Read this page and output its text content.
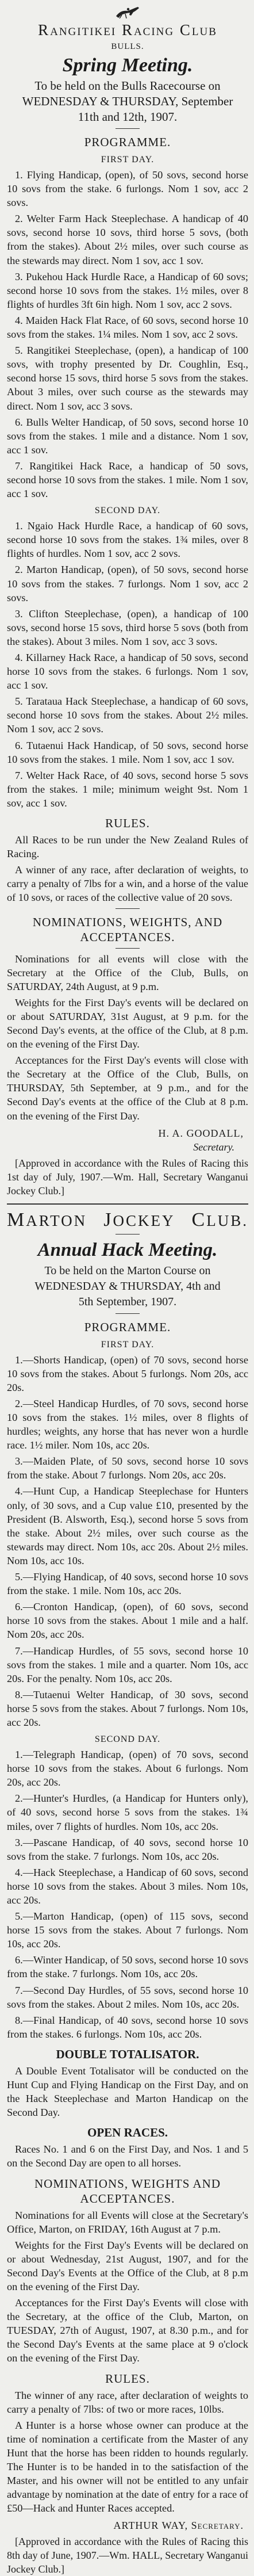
RANGITIKEI RACING CLUB

BULLS.

Spring Meeting.

To be held on the Bulls Racecourse on

WEDNESDAY & THURSDAY, September

11th and 12th, 1907.

PROGRAMME.
FIRST DAY.
1. Flying Handicap, (open), of 50 sovs, second horse 10 sovs from the stake. 6 furlongs. Nom 1 sov, acc 2 sovs.
2. Welter Farm Hack Steeplechase. A handicap of 40 sovs, second horse 10 sovs, third horse 5 sovs, (both from the stakes). About 2½ miles, over such course as the stewards may direct. Nom 1 sov, acc 1 sov.
3. Pukehou Hack Hurdle Race, a Handicap of 60 sovs; second horse 10 sovs from the stakes. 1½ miles, over 8 flights of hurdles 3ft 6in high. Nom 1 sov, acc 2 sovs.
4. Maiden Hack Flat Race, of 60 sovs, second horse 10 sovs from the stakes. 1¼ miles. Nom 1 sov, acc 2 sovs.
5. Rangitikei Steeplechase, (open), a handicap of 100 sovs, with trophy presented by Dr. Coughlin, Esq., second horse 15 sovs, third horse 5 sovs from the stakes. About 3 miles, over such course as the stewards may direct. Nom 1 sov, acc 3 sovs.
6. Bulls Welter Handicap, of 50 sovs, second horse 10 sovs from the stakes. 1 mile and a distance. Nom 1 sov, acc 1 sov.
7. Rangitikei Hack Race, a handicap of 50 sovs, second horse 10 sovs from the stakes. 1 mile. Nom 1 sov, acc 1 sov.
SECOND DAY.
1. Ngaio Hack Hurdle Race, a handicap of 60 sovs, second horse 10 sovs from the stakes. 1¾ miles, over 8 flights of hurdles. Nom 1 sov, acc 2 sovs.
2. Marton Handicap, (open), of 50 sovs, second horse 10 sovs from the stakes. 7 furlongs. Nom 1 sov, acc 2 sovs.
3. Clifton Steeplechase, (open), a handicap of 100 sovs, second horse 15 sovs, third horse 5 sovs (both from the stakes). About 3 miles. Nom 1 sov, acc 3 sovs.
4. Killarney Hack Race, a handicap of 50 sovs, second horse 10 sovs from the stakes. 6 furlongs. Nom 1 sov, acc 1 sov.
5. Tarataua Hack Steeplechase, a handicap of 60 sovs, second horse 10 sovs from the stakes. About 2½ miles. Nom 1 sov, acc 2 sovs.
6. Tutaenui Hack Handicap, of 50 sovs, second horse 10 sovs from the stakes. 1 mile. Nom 1 sov, acc 1 sov.
7. Welter Hack Race, of 40 sovs, second horse 5 sovs from the stakes. 1 mile; minimum weight 9st. Nom 1 sov, acc 1 sov.
RULES.

All Races to be run under the New Zealand Rules of Racing.

A winner of any race, after declaration of weights, to carry a penalty of 7lbs for a win, and a horse of the value of 10 sovs, or races of the collective value of 20 sovs.

NOMINATIONS, WEIGHTS, AND ACCEPTANCES.

Nominations for all events will close with the Secretary at the Office of the Club, Bulls, on SATURDAY, 24th August, at 9 p.m.

Weights for the First Day's events will be declared on or about SATURDAY, 31st August, at 9 p.m. for the Second Day's events, at the office of the Club, at 8 p.m. on the evening of the First Day.

Acceptances for the First Day's events will close with the Secretary at the Office of the Club, Bulls, on THURSDAY, 5th September, at 9 p.m., and for the Second Day's events at the office of the Club at 8 p.m. on the evening of the First Day.

H. A. GOODALL,

Secretary.

[Approved in accordance with the Rules of Racing this 1st day of July, 1907.—Wm. Hall, Secretary Wanganui Jockey Club.]

MARTON JOCKEY CLUB.
Annual Hack Meeting.

To be held on the Marton Course on

WEDNESDAY & THURSDAY, 4th and

5th September, 1907.

PROGRAMME.
FIRST DAY.
1.—Shorts Handicap, (open) of 70 sovs, second horse 10 sovs from the stakes. About 5 furlongs. Nom 20s, acc 20s.
2.—Steel Handicap Hurdles, of 70 sovs, second horse 10 sovs from the stakes. 1½ miles, over 8 flights of hurdles; weights, any horse that has never won a hurdle race. 1½ miler. Nom 10s, acc 20s.
3.—Maiden Plate, of 50 sovs, second horse 10 sovs from the stake. About 7 furlongs. Nom 20s, acc 20s.
4.—Hunt Cup, a Handicap Steeplechase for Hunters only, of 30 sovs, and a Cup value £10, presented by the President (B. Alsworth, Esq.), second horse 5 sovs from the stake. About 2½ miles, over such course as the stewards may direct. Nom 10s, acc 20s. About 2½ miles. Nom 10s, acc 10s.
5.—Flying Handicap, of 40 sovs, second horse 10 sovs from the stake. 1 mile. Nom 10s, acc 20s.
6.—Cronton Handicap, (open), of 60 sovs, second horse 10 sovs from the stakes. About 1 mile and a half. Nom 20s, acc 20s.
7.—Handicap Hurdles, of 55 sovs, second horse 10 sovs from the stakes. 1 mile and a quarter. Nom 10s, acc 20s. For the penalty. Nom 10s, acc 20s.
8.—Tutaenui Welter Handicap, of 30 sovs, second horse 5 sovs from the stakes. About 7 furlongs. Nom 10s, acc 20s.
SECOND DAY.
1.—Telegraph Handicap, (open) of 70 sovs, second horse 10 sovs from the stakes. About 6 furlongs. Nom 20s, acc 20s.
2.—Hunter's Hurdles, (a Handicap for Hunters only), of 40 sovs, second horse 5 sovs from the stakes. 1¾ miles, over 7 flights of hurdles. Nom 10s, acc 20s.
3.—Pascane Handicap, of 40 sovs, second horse 10 sovs from the stake. 7 furlongs. Nom 10s, acc 20s.
4.—Hack Steeplechase, a Handicap of 60 sovs, second horse 10 sovs from the stakes. About 3 miles. Nom 10s, acc 20s.
5.—Marton Handicap, (open) of 115 sovs, second horse 15 sovs from the stakes. About 7 furlongs. Nom 10s, acc 20s.
6.—Winter Handicap, of 50 sovs, second horse 10 sovs from the stake. 7 furlongs. Nom 10s, acc 20s.
7.—Second Day Hurdles, of 55 sovs, second horse 10 sovs from the stakes. About 2 miles. Nom 10s, acc 20s.
8.—Final Handicap, of 40 sovs, second horse 10 sovs from the stakes. 6 furlongs. Nom 10s, acc 20s.
DOUBLE TOTALISATOR.

A Double Event Totalisator will be conducted on the Hunt Cup and Flying Handicap on the First Day, and on the Hack Steeplechase and Marton Handicap on the Second Day.

OPEN RACES.

Races No. 1 and 6 on the First Day, and Nos. 1 and 5 on the Second Day are open to all horses.

NOMINATIONS, WEIGHTS AND ACCEPTANCES.

Nominations for all Events will close at the Secretary's Office, Marton, on FRIDAY, 16th August at 7 p.m.

Weights for the First Day's Events will be declared on or about Wednesday, 21st August, 1907, and for the Second Day's Events at the Office of the Club, at 8 p.m on the evening of the First Day.

Acceptances for the First Day's Events will close with the Secretary, at the office of the Club, Marton, on TUESDAY, 27th of August, 1907, at 8.30 p.m., and for the Second Day's Events at the same place at 9 o'clock on the evening of the First Day.

RULES.

The winner of any race, after declaration of weights to carry a penalty of 7lbs: of two or more races, 10lbs.

A Hunter is a horse whose owner can produce at the time of nomination a certificate from the Master of any Hunt that the horse has been ridden to hounds regularly. The Hunter is to be handed in to the satisfaction of the Master, and his owner will not be entitled to any unfair advantage by nomination at the date of entry for a race of £50—Hack and Hunter Races accepted.

ARTHUR WAY, Secretary.

[Approved in accordance with the Rules of Racing this 8th day of June, 1907.—Wm. HALL, Secretary Wanganui Jockey Club.]
